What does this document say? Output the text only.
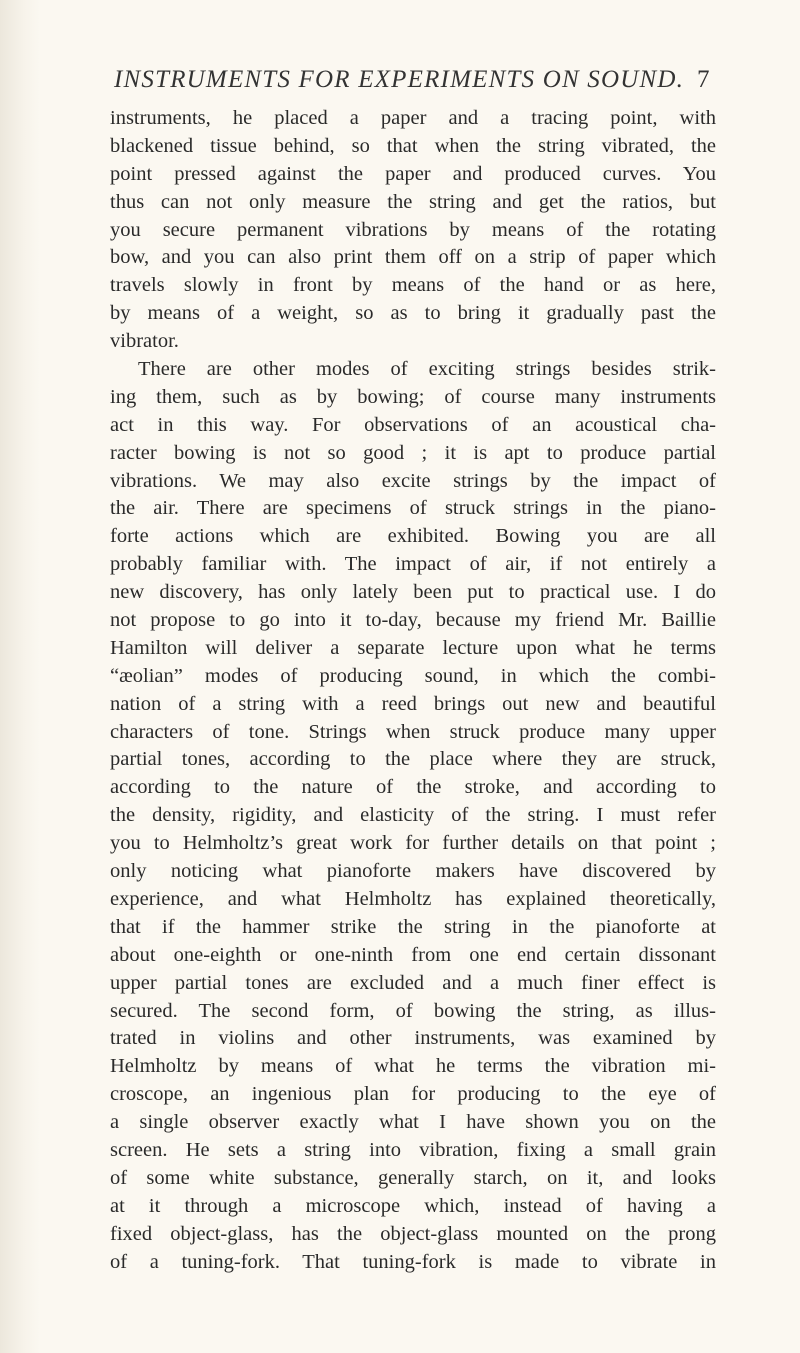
INSTRUMENTS FOR EXPERIMENTS ON SOUND. 7
instruments, he placed a paper and a tracing point, with
blackened tissue behind, so that when the string vibrated, the
point pressed against the paper and produced curves. You
thus can not only measure the string and get the ratios, but
you secure permanent vibrations by means of the rotating
bow, and you can also print them off on a strip of paper which
travels slowly in front by means of the hand or as here,
by means of a weight, so as to bring it gradually past the
vibrator.
There are other modes of exciting strings besides strik-
ing them, such as by bowing; of course many instruments
act in this way. For observations of an acoustical cha-
racter bowing is not so good ; it is apt to produce partial
vibrations. We may also excite strings by the impact of
the air. There are specimens of struck strings in the piano-
forte actions which are exhibited. Bowing you are all
probably familiar with. The impact of air, if not entirely a
new discovery, has only lately been put to practical use. I do
not propose to go into it to-day, because my friend Mr. Baillie
Hamilton will deliver a separate lecture upon what he terms
“æolian” modes of producing sound, in which the combi-
nation of a string with a reed brings out new and beautiful
characters of tone. Strings when struck produce many upper
partial tones, according to the place where they are struck,
according to the nature of the stroke, and according to
the density, rigidity, and elasticity of the string. I must refer
you to Helmholtz’s great work for further details on that point ;
only noticing what pianoforte makers have discovered by
experience, and what Helmholtz has explained theoretically,
that if the hammer strike the string in the pianoforte at
about one-eighth or one-ninth from one end certain dissonant
upper partial tones are excluded and a much finer effect is
secured. The second form, of bowing the string, as illus-
trated in violins and other instruments, was examined by
Helmholtz by means of what he terms the vibration mi-
croscope, an ingenious plan for producing to the eye of
a single observer exactly what I have shown you on the
screen. He sets a string into vibration, fixing a small grain
of some white substance, generally starch, on it, and looks
at it through a microscope which, instead of having a
fixed object-glass, has the object-glass mounted on the prong
of a tuning-fork. That tuning-fork is made to vibrate in
